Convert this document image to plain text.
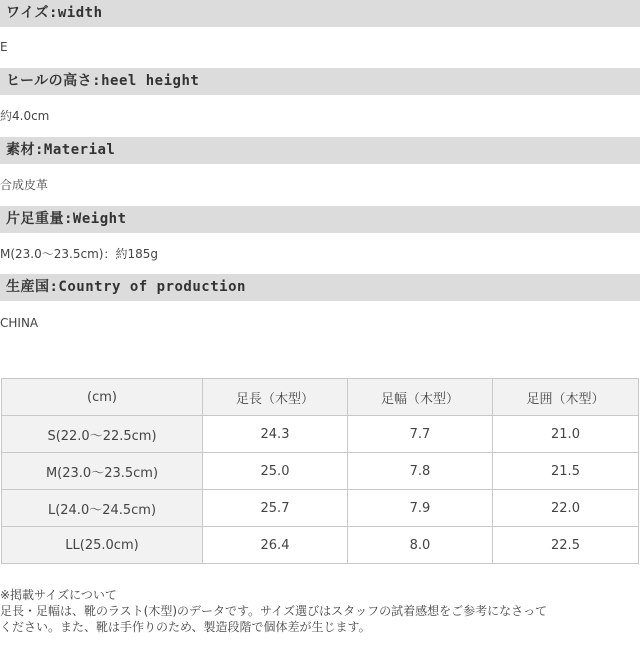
ワイズ:width
E
ヒールの高さ:heel height
約4.0cm
素材:Material
合成皮革
片足重量:Weight
M(23.0〜23.5cm)：約185g
生産国:Country of production
CHINA
(cm)	足長（木型）	足幅（木型）	足囲（木型）
S(22.0〜22.5cm)	24.3	7.7	21.0
M(23.0〜23.5cm)	25.0	7.8	21.5
L(24.0〜24.5cm)	25.7	7.9	22.0
LL(25.0cm)	26.4	8.0	22.5
※掲載サイズについて
足長・足幅は、靴のラスト(木型)のデータです。サイズ選びはスタッフの試着感想をご参考になさって
ください。また、靴は手作りのため、製造段階で個体差が生じます。
